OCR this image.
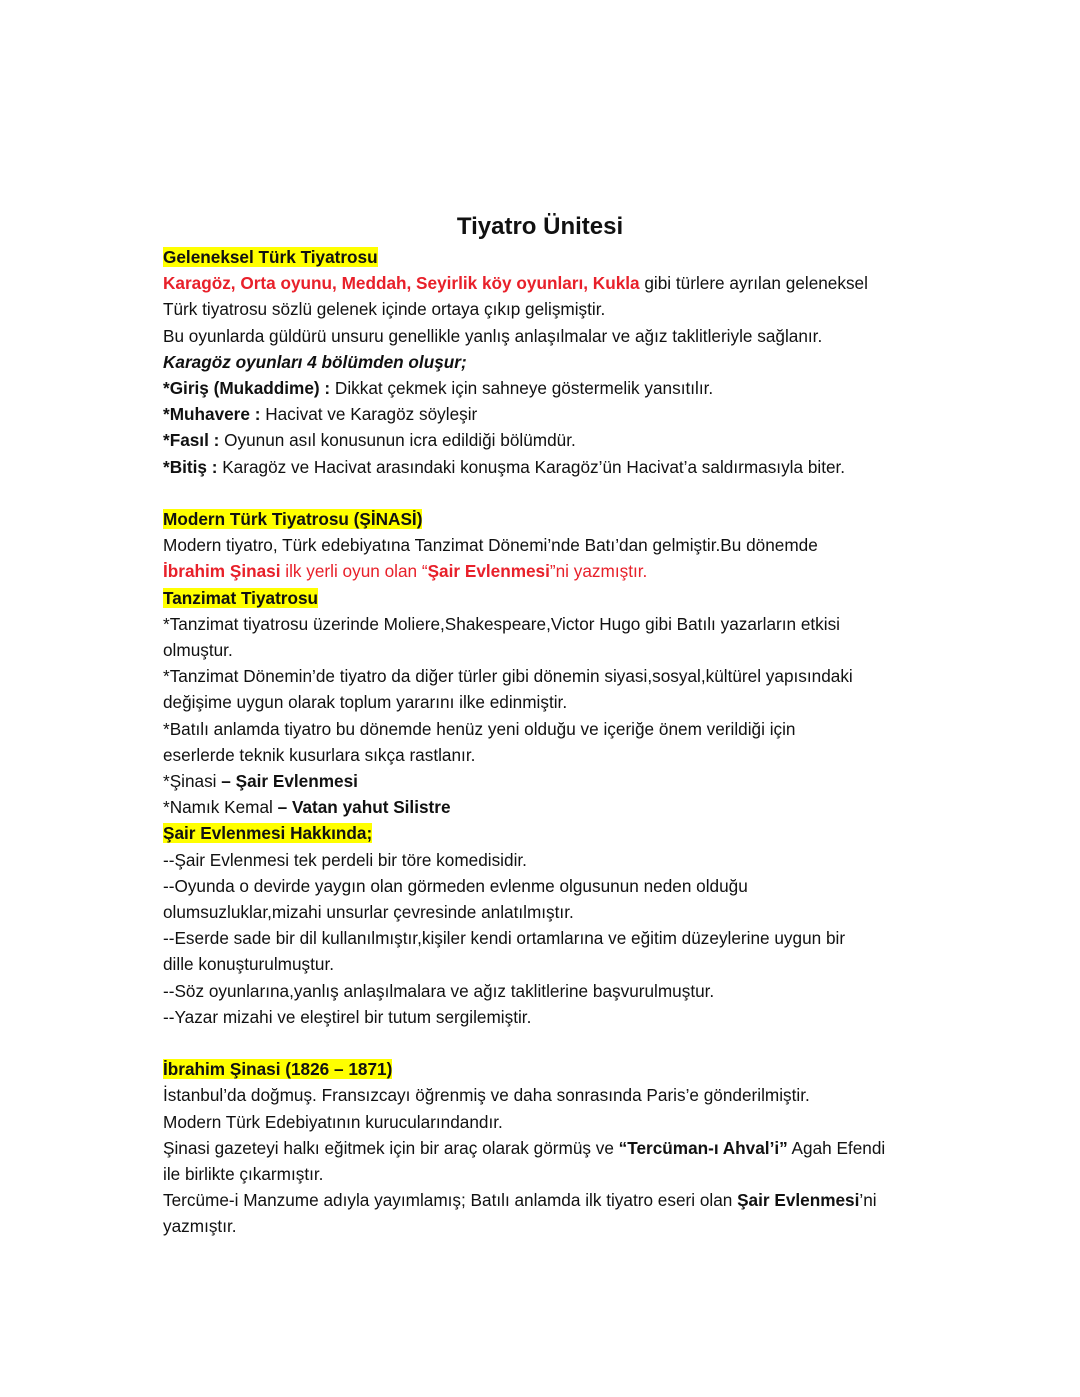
Tiyatro Ünitesi

Geleneksel Türk Tiyatrosu

Karagöz, Orta oyunu, Meddah, Seyirlik köy oyunları, Kukla gibi türlere ayrılan geleneksel

Türk tiyatrosu sözlü gelenek içinde ortaya çıkıp gelişmiştir.

Bu oyunlarda güldürü unsuru genellikle yanlış anlaşılmalar ve ağız taklitleriyle sağlanır.

Karagöz oyunları 4 bölümden oluşur;

*Giriş (Mukaddime) : Dikkat çekmek için sahneye göstermelik yansıtılır.

*Muhavere : Hacivat ve Karagöz söyleşir

*Fasıl : Oyunun asıl konusunun icra edildiği bölümdür.

*Bitiş : Karagöz ve Hacivat arasındaki konuşma Karagöz’ün Hacivat’a saldırmasıyla biter.

Modern Türk Tiyatrosu (ŞİNASİ)

Modern tiyatro, Türk edebiyatına Tanzimat Dönemi’nde Batı’dan gelmiştir.Bu dönemde

İbrahim Şinasi ilk yerli oyun olan “Şair Evlenmesi”ni yazmıştır.

Tanzimat Tiyatrosu

*Tanzimat tiyatrosu üzerinde Moliere,Shakespeare,Victor Hugo gibi Batılı yazarların etkisi

olmuştur.

*Tanzimat Dönemin’de tiyatro da diğer türler gibi dönemin siyasi,sosyal,kültürel yapısındaki

değişime uygun olarak toplum yararını ilke edinmiştir.

*Batılı anlamda tiyatro bu dönemde henüz yeni olduğu ve içeriğe önem verildiği için

eserlerde teknik kusurlara sıkça rastlanır.

*Şinasi – Şair Evlenmesi

*Namık Kemal – Vatan yahut Silistre

Şair Evlenmesi Hakkında;

--Şair Evlenmesi tek perdeli bir töre komedisidir.

--Oyunda o devirde yaygın olan görmeden evlenme olgusunun neden olduğu

olumsuzluklar,mizahi unsurlar çevresinde anlatılmıştır.

--Eserde sade bir dil kullanılmıştır,kişiler kendi ortamlarına ve eğitim düzeylerine uygun bir

dille konuşturulmuştur.

--Söz oyunlarına,yanlış anlaşılmalara ve ağız taklitlerine başvurulmuştur.

--Yazar mizahi ve eleştirel bir tutum sergilemiştir.

İbrahim Şinasi (1826 – 1871)

İstanbul’da doğmuş. Fransızcayı öğrenmiş ve daha sonrasında Paris’e gönderilmiştir.

Modern Türk Edebiyatının kurucularındandır.

Şinasi gazeteyi halkı eğitmek için bir araç olarak görmüş ve “Tercüman-ı Ahval’i” Agah Efendi

ile birlikte çıkarmıştır.

Tercüme-i Manzume adıyla yayımlamış; Batılı anlamda ilk tiyatro eseri olan Şair Evlenmesi’ni

yazmıştır.
